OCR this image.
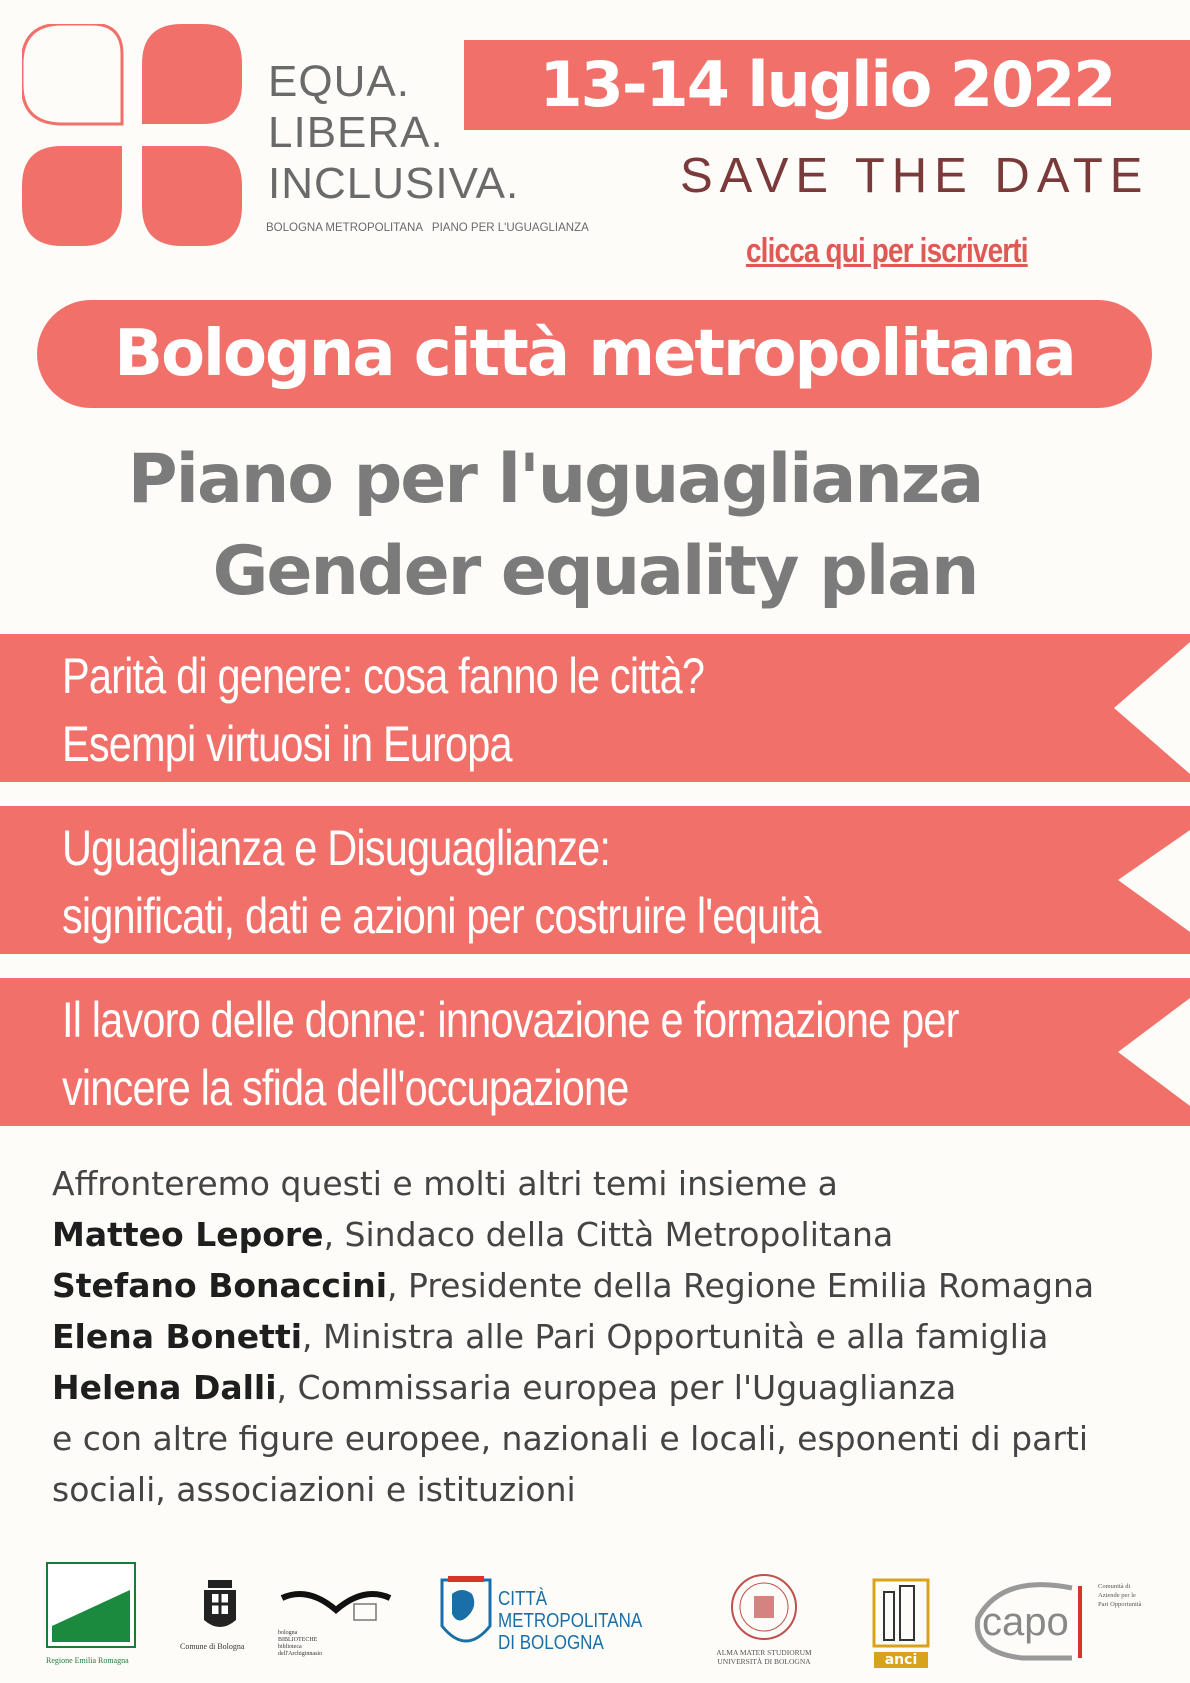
EQUA.
LIBERA.
INCLUSIVA.
BOLOGNA METROPOLITANA   PIANO PER L'UGUAGLIANZA
13-14 luglio 2022
SAVE THE DATE
clicca qui per iscriverti
Bologna città metropolitana
Piano per l'uguaglianza
Gender equality plan
Parità di genere: cosa fanno le città?
Esempi virtuosi in Europa
Uguaglianza e Disuguaglianze:
significati, dati e azioni per costruire l'equità
Il lavoro delle donne: innovazione e formazione per
vincere la sfida dell'occupazione
Affronteremo questi e molti altri temi insieme a
Matteo Lepore, Sindaco della Città Metropolitana
Stefano Bonaccini, Presidente della Regione Emilia Romagna
Elena Bonetti, Ministra alle Pari Opportunità e alla famiglia
Helena Dalli, Commissaria europea per l'Uguaglianza
e con altre figure europee, nazionali e locali, esponenti di parti
sociali, associazioni e istituzioni
Regione Emilia Romagna
Comune di Bologna
bologna BIBLIOTECHE biblioteca dell'Archiginnasio
CITTÀ
METROPOLITANA
DI BOLOGNA	ALMA MATER STUDIORUM
UNIVERSITÀ DI BOLOGNA	anci
capo
Comunità di Aziende per le Pari Opportunità
